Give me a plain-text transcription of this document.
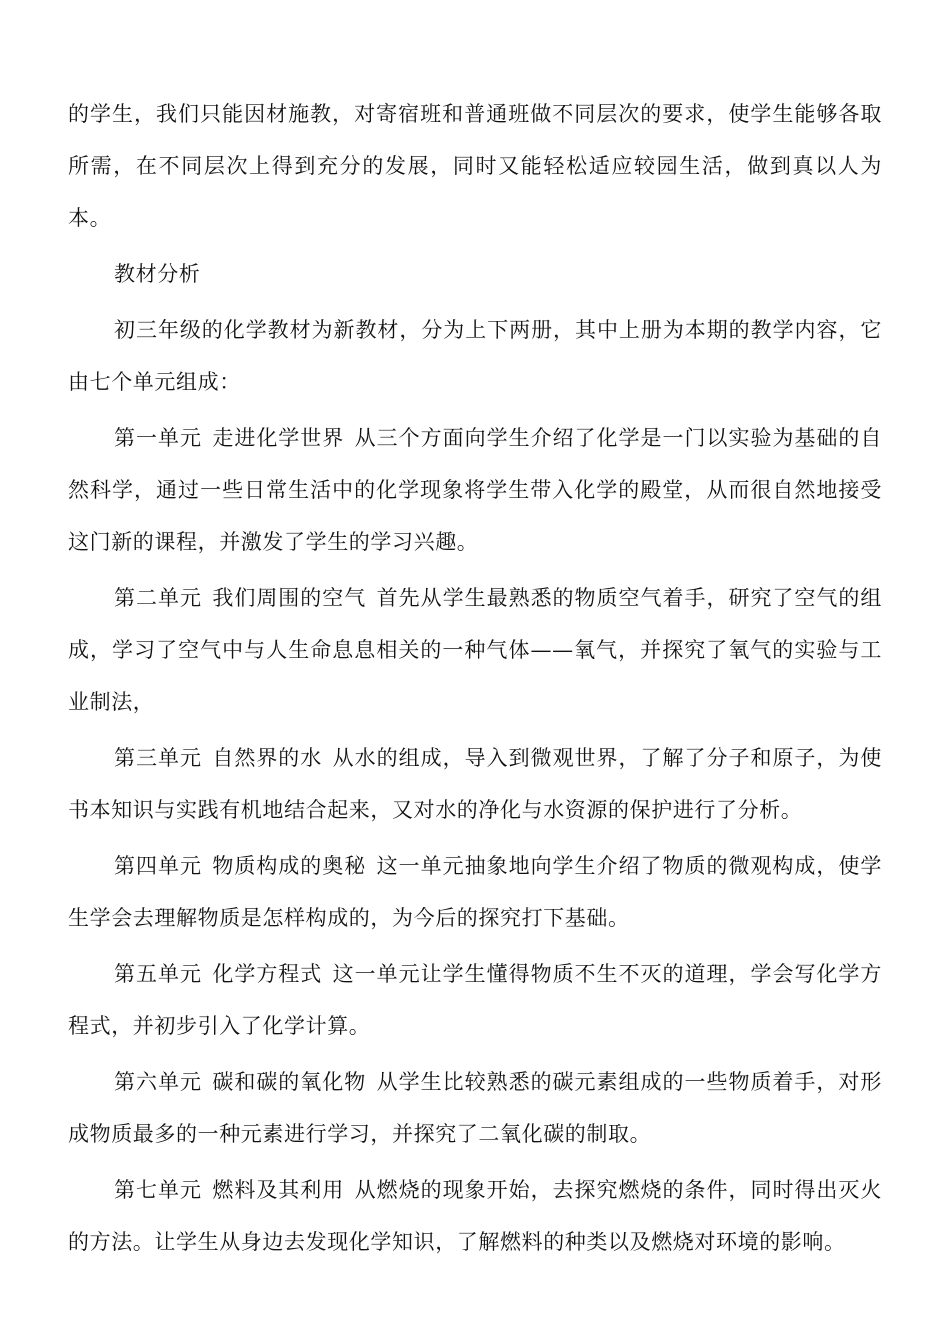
的学生，我们只能因材施教，对寄宿班和普通班做不同层次的要求，使学生能够各取所需，在不同层次上得到充分的发展，同时又能轻松适应较园生活，做到真以人为本。

教材分析

初三年级的化学教材为新教材，分为上下两册，其中上册为本期的教学内容，它由七个单元组成：

第一单元 走进化学世界 从三个方面向学生介绍了化学是一门以实验为基础的自然科学，通过一些日常生活中的化学现象将学生带入化学的殿堂，从而很自然地接受这门新的课程，并激发了学生的学习兴趣。

第二单元 我们周围的空气 首先从学生最熟悉的物质空气着手，研究了空气的组成，学习了空气中与人生命息息相关的一种气体——氧气，并探究了氧气的实验与工业制法，

第三单元 自然界的水 从水的组成，导入到微观世界，了解了分子和原子，为使书本知识与实践有机地结合起来，又对水的净化与水资源的保护进行了分析。

第四单元 物质构成的奥秘 这一单元抽象地向学生介绍了物质的微观构成，使学生学会去理解物质是怎样构成的，为今后的探究打下基础。

第五单元 化学方程式 这一单元让学生懂得物质不生不灭的道理，学会写化学方程式，并初步引入了化学计算。

第六单元 碳和碳的氧化物 从学生比较熟悉的碳元素组成的一些物质着手，对形成物质最多的一种元素进行学习，并探究了二氧化碳的制取。

第七单元 燃料及其利用 从燃烧的现象开始，去探究燃烧的条件，同时得出灭火的方法。让学生从身边去发现化学知识，了解燃料的种类以及燃烧对环境的影响。
